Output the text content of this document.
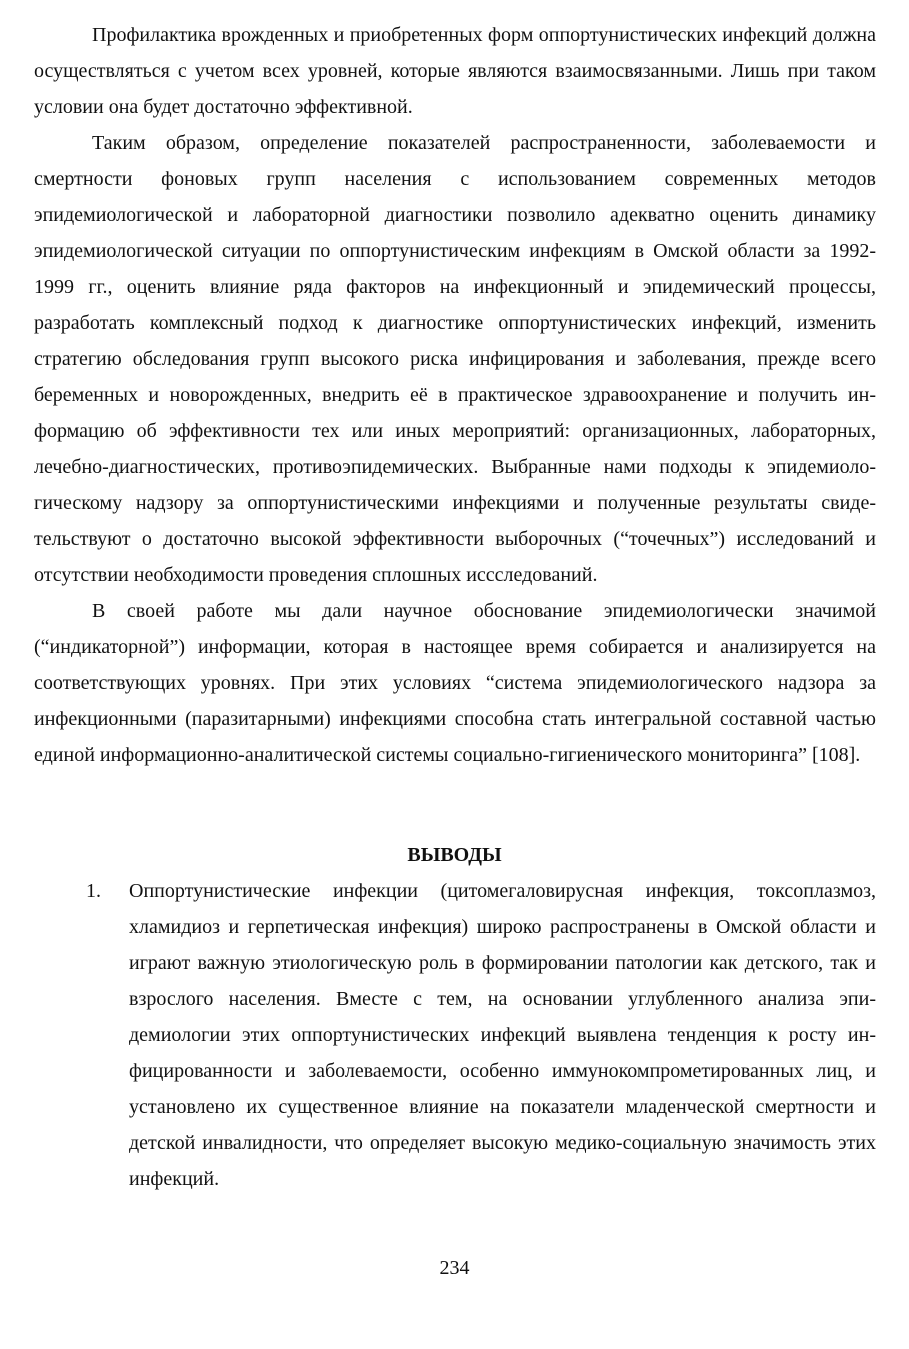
Профилактика врожденных и приобретенных форм оппортунистических инфекций должна осуществляться с учетом всех уровней, которые являются взаимосвязанными. Лишь при таком условии она будет достаточно эффективной.

Таким образом, определение показателей распространенности, заболеваемости и смертности фоновых групп населения с использованием современных методов эпидемиологической и лабораторной диагностики позволило адекватно оценить динамику эпидемиологической ситуации по оппортунистическим инфекциям в Омской области за 1992-1999 гг., оценить влияние ряда факторов на инфекционный и эпидемический процессы, разработать комплексный подход к диагностике оппортунистических инфекций, изменить стратегию обследования групп высокого риска инфицирования и заболевания, прежде всего беременных и новорожденных, внедрить её в практическое здравоохранение и получить информацию об эффективности тех или иных мероприятий: организационных, лабораторных, лечебно-диагностических, противоэпидемических. Выбранные нами подходы к эпидемиологическому надзору за оппортунистическими инфекциями и полученные результаты свидетельствуют о достаточно высокой эффективности выборочных (“точечных”) исследований и отсутствии необходимости проведения сплошных иссследований.

В своей работе мы дали научное обоснование эпидемиологически значимой (“индикаторной”) информации, которая в настоящее время собирается и анализируется на соответствующих уровнях. При этих условиях “система эпидемиологического надзора за инфекционными (паразитарными) инфекциями способна стать интегральной составной частью единой информационно-аналитической системы социально-гигиенического мониторинга” [108].

ВЫВОДЫ
1. Оппортунистические инфекции (цитомегаловирусная инфекция, токсоплазмоз, хламидиоз и герпетическая инфекция) широко распространены в Омской области и играют важную этиологическую роль в формировании патологии как детского, так и взрослого населения. Вместе с тем, на основании углубленного анализа эпидемиологии этих оппортунистических инфекций выявлена тенденция к росту инфицированности и заболеваемости, особенно иммунокомпрометированных лиц, и установлено их существенное влияние на показатели младенческой смертности и детской инвалидности, что определяет высокую медико-социальную значимость этих инфекций.
234
